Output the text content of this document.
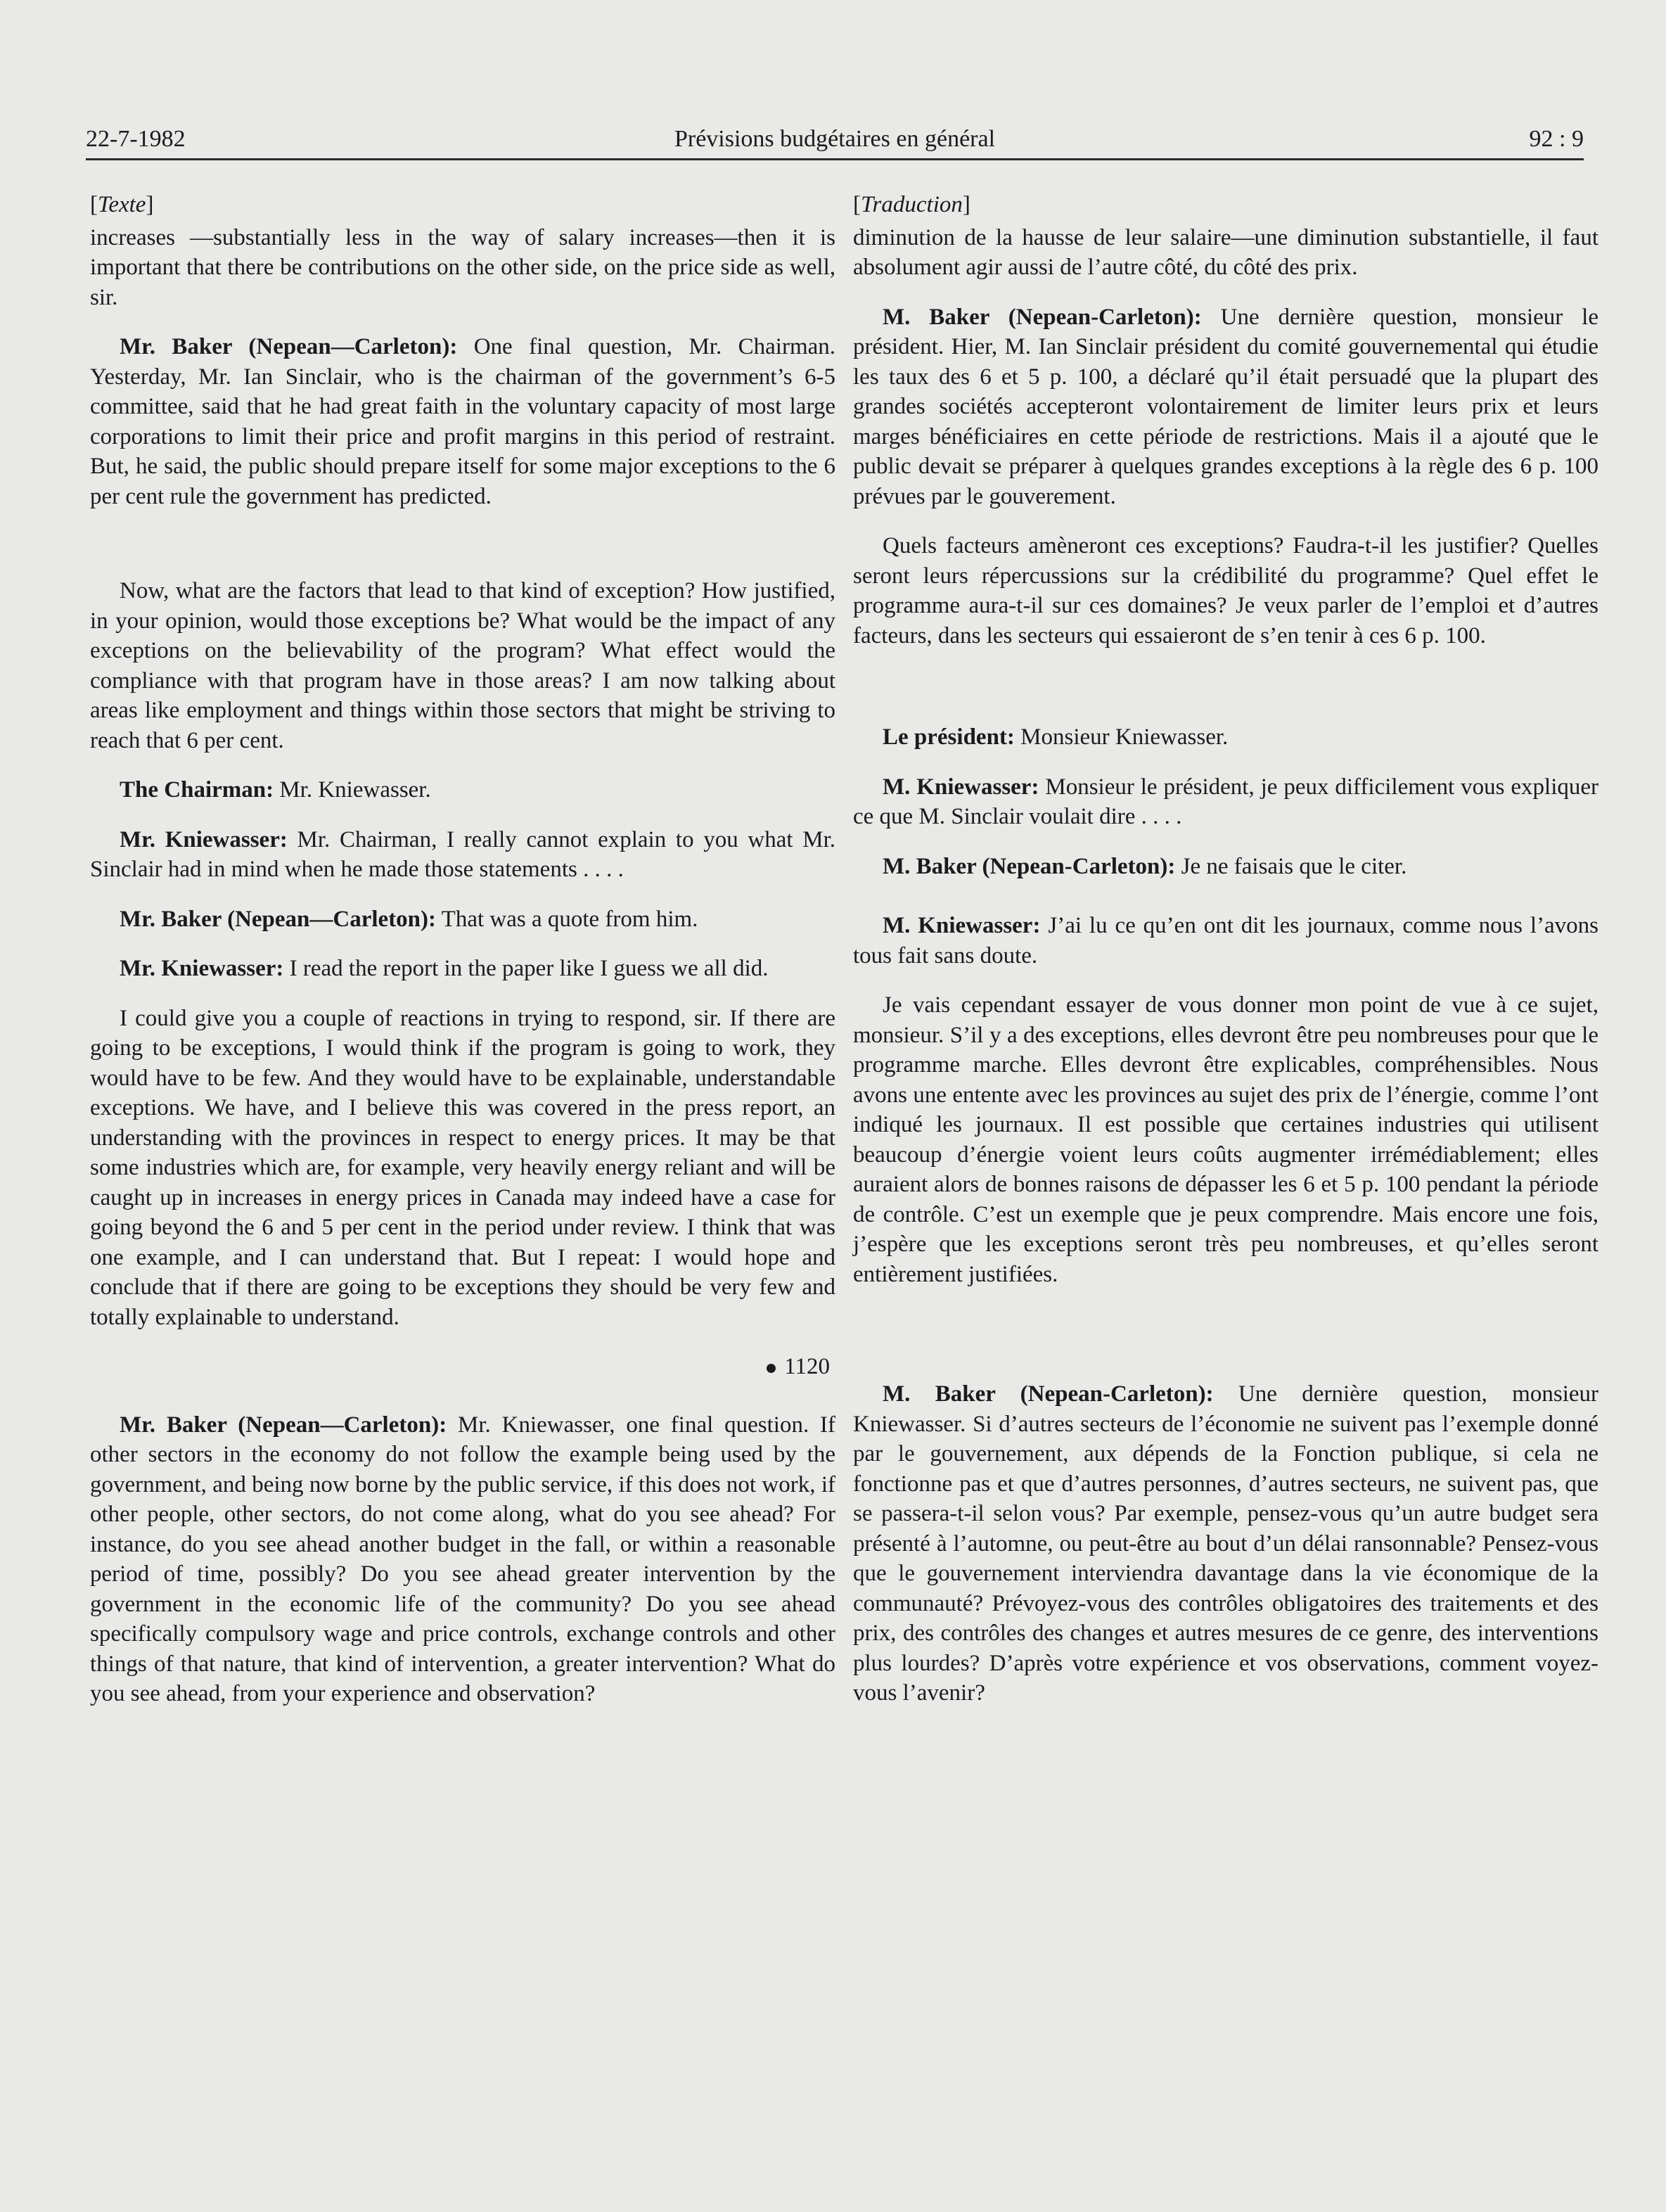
22-7-1982	Prévisions budgétaires en général	92 : 9
[Texte]

increases —substantially less in the way of salary increases—then it is important that there be contributions on the other side, on the price side as well, sir.

Mr. Baker (Nepean—Carleton): One final question, Mr. Chairman. Yesterday, Mr. Ian Sinclair, who is the chairman of the government’s 6-5 committee, said that he had great faith in the voluntary capacity of most large corporations to limit their price and profit margins in this period of restraint. But, he said, the public should prepare itself for some major exceptions to the 6 per cent rule the government has predicted.

Now, what are the factors that lead to that kind of exception? How justified, in your opinion, would those exceptions be? What would be the impact of any exceptions on the believability of the program? What effect would the compliance with that program have in those areas? I am now talking about areas like employment and things within those sectors that might be striving to reach that 6 per cent.

The Chairman: Mr. Kniewasser.

Mr. Kniewasser: Mr. Chairman, I really cannot explain to you what Mr. Sinclair had in mind when he made those statements . . . .

Mr. Baker (Nepean—Carleton): That was a quote from him.

Mr. Kniewasser: I read the report in the paper like I guess we all did.

I could give you a couple of reactions in trying to respond, sir. If there are going to be exceptions, I would think if the program is going to work, they would have to be few. And they would have to be explainable, understandable exceptions. We have, and I believe this was covered in the press report, an understanding with the provinces in respect to energy prices. It may be that some industries which are, for example, very heavily energy reliant and will be caught up in increases in energy prices in Canada may indeed have a case for going beyond the 6 and 5 per cent in the period under review. I think that was one example, and I can understand that. But I repeat: I would hope and conclude that if there are going to be exceptions they should be very few and totally explainable to understand.

1120

Mr. Baker (Nepean—Carleton): Mr. Kniewasser, one final question. If other sectors in the economy do not follow the example being used by the government, and being now borne by the public service, if this does not work, if other people, other sectors, do not come along, what do you see ahead? For instance, do you see ahead another budget in the fall, or within a reasonable period of time, possibly? Do you see ahead greater intervention by the government in the economic life of the community? Do you see ahead specifically compulsory wage and price controls, exchange controls and other things of that nature, that kind of intervention, a greater intervention? What do you see ahead, from your experience and observation?

[Traduction]

diminution de la hausse de leur salaire—une diminution substantielle, il faut absolument agir aussi de l’autre côté, du côté des prix.

M. Baker (Nepean-Carleton): Une dernière question, monsieur le président. Hier, M. Ian Sinclair président du comité gouvernemental qui étudie les taux des 6 et 5 p. 100, a déclaré qu’il était persuadé que la plupart des grandes sociétés accepteront volontairement de limiter leurs prix et leurs marges bénéficiaires en cette période de restrictions. Mais il a ajouté que le public devait se préparer à quelques grandes exceptions à la règle des 6 p. 100 prévues par le gouverement.

Quels facteurs amèneront ces exceptions? Faudra-t-il les justifier? Quelles seront leurs répercussions sur la crédibilité du programme? Quel effet le programme aura-t-il sur ces domaines? Je veux parler de l’emploi et d’autres facteurs, dans les secteurs qui essaieront de s’en tenir à ces 6 p. 100.

Le président: Monsieur Kniewasser.

M. Kniewasser: Monsieur le président, je peux difficilement vous expliquer ce que M. Sinclair voulait dire . . . .

M. Baker (Nepean-Carleton): Je ne faisais que le citer.

M. Kniewasser: J’ai lu ce qu’en ont dit les journaux, comme nous l’avons tous fait sans doute.

Je vais cependant essayer de vous donner mon point de vue à ce sujet, monsieur. S’il y a des exceptions, elles devront être peu nombreuses pour que le programme marche. Elles devront être explicables, compréhensibles. Nous avons une entente avec les provinces au sujet des prix de l’énergie, comme l’ont indiqué les journaux. Il est possible que certaines industries qui utilisent beaucoup d’énergie voient leurs coûts augmenter irrémédiablement; elles auraient alors de bonnes raisons de dépasser les 6 et 5 p. 100 pendant la période de contrôle. C’est un exemple que je peux comprendre. Mais encore une fois, j’espère que les exceptions seront très peu nombreuses, et qu’elles seront entièrement justifiées.

M. Baker (Nepean-Carleton): Une dernière question, monsieur Kniewasser. Si d’autres secteurs de l’économie ne suivent pas l’exemple donné par le gouvernement, aux dépends de la Fonction publique, si cela ne fonctionne pas et que d’autres personnes, d’autres secteurs, ne suivent pas, que se passera-t-il selon vous? Par exemple, pensez-vous qu’un autre budget sera présenté à l’automne, ou peut-être au bout d’un délai ransonnable? Pensez-vous que le gouvernement interviendra davantage dans la vie économique de la communauté? Prévoyez-vous des contrôles obligatoires des traitements et des prix, des contrôles des changes et autres mesures de ce genre, des interventions plus lourdes? D’après votre expérience et vos observations, comment voyez-vous l’avenir?
